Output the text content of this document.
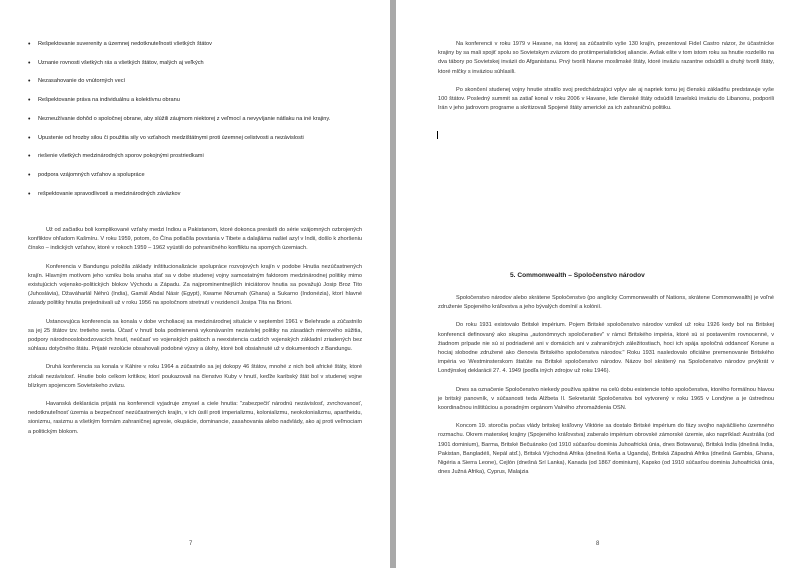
• Rešpektovanie suverenity a územnej nedotknuteľnosti všetkých štátov
• Uznanie rovnosti všetkých rás a všetkých štátov, malých aj veľkých
• Nezasahovanie do vnútorných vecí
• Rešpektovanie práva na individuálnu a kolektívnu obranu
• Nezneužívanie dohôd o spoločnej obrane, aby slúžili záujmom niektorej z veľmocí a nevyvíjanie nátlaku na iné krajiny.
• Upustenie od hrozby silou či použitia sily vo vzťahoch medzištátnymi proti územnej celistvosti a nezávislosti
• riešenie všetkých medzinárodných sporov pokojnými prostriedkami
• podpora vzájomných vzťahov a spolupráce
• rešpektovanie spravodlivosti a medzinárodných záväzkov

Už od začiatku boli komplikované vzťahy medzi Indiou a Pakistanom, ktoré dokonca prerástli do série vzájomných ozbrojených konfliktov ohľadom Kašmíru. V roku 1959, potom, čo Čína potlačila povstania v Tibete a dalajláma našiel azyl v Indii, došlo k zhoršeniu čínsko – indických vzťahov, ktoré v rokoch 1959 – 1962 vyústili do pohraničného konfliktu na spomých územiach.

Konferencia v Bandungu položila základy inštitucionalizácie spolupráce rozvojových krajín v podobe Hnutia nezúčastnených krajín. Hlavným motívom jeho vzniku bola snaha stať sa v dobe studenej vojny samostatným faktorom medzinárodnej politiky mimo existujúcich vojensko-politických blokov Východu a Západu. Za najprominentnejších iniciátorov hnutia sa považujú Josip Broz Tito (Juhoslávia), Džaváharlál Néhrú (India), Gamál Abdal Násir (Egypt), Kwame Nkrumah (Ghana) a Sukarno (Indonézia), ktorí hlavné zásady politiky hnutia prejednávali už v roku 1956 na spoločnom stretnutí v rezidencii Josipa Tita na Brioni.

Ustanovujúca konferencia sa konala v dobe vrcholiacej sa medzinárodnej situácie v septembri 1961 v Belehrade a zúčastnilo sa jej 25 štátov tzv. tretieho sveta. Účasť v hnutí bola podmienená vykonávaním nezávislej politiky na zásadách mierového súžitia, podpory národnooslobodzovacích hnutí, neúčasť vo vojenských paktoch a neexistencia cudzích vojenských základní zriadených bez súhlasu dotyčného štátu. Prijaté rezolúcie obsahovali podobné výzvy a úlohy, ktoré boli obsiahnuté už v dokumentoch z Bandungu.

Druhá konferencia sa konala v Káhire v roku 1964 a zúčastnilo sa jej dokopy 46 štátov, mnohé z nich boli africké štáty, ktoré získali nezávislosť. Hnutie bolo celkom kritikov, ktorí poukazovali na členstvo Kuby v hnutí, keďže karibský štát bol v studenej vojne blízkym spojencom Sovietskeho zväzu.

Havanská deklarácia prijatá na konferencii vyjadruje zmysel a ciele hnutia: "zabezpečiť národnú nezávislosť, zvrchovanosť, nedotknuteľnosť územia a bezpečnosť nezúčastnených krajín, v ich úsilí proti imperializmu, kolonializmu, neokolonializmu, apartheidu, sionizmu, rasizmu a všetkým formám zahraničnej agresie, okupácie, dominancie, zasahovania alebo nadvlády, ako aj proti veľmociam a politickým blokom.

7

Na konferencii v roku 1979 v Havane, na ktorej sa zúčastnilo vyše 130 krajín, prezentoval Fidel Castro názor, že účastnícke krajiny by sa mali spojiť spolu so Sovietskym zväzom do protiimperialistickej aliancie. Avšak ešte v tom istom roku sa hnutie rozdelilo na dva tábory po Sovietskej invázii do Afganistanu. Prvý tvorili hlavne moslimské štáty, ktoré inváziu razantne odsúdili a druhý tvorili štáty, ktoré mlčky s inváziou súhlasili.

Po skončení studenej vojny hnutie stratilo svoj predchádzajúci vplyv ale aj napriek tomu jej členskú základňu predstavuje vyše 100 štátov. Posledný summit sa zatiaľ konal v roku 2006 v Havane, kde členské štáty odsúdili Izraelskú inváziu do Libanonu, podporili Irán v jeho jadrovom programe a skritizovali Spojené štáty americké za ich zahraničnú politiku.

5. Commonwealth – Spoločenstvo národov

Spoločenstvo národov alebo skrátene Spoločenstvo (po anglicky Commonwealth of Nations, skrátene Commonwealth) je voľné združenie Spojeného kráľovstva a jeho bývalých domínií a kolónií.

Do roku 1931 existovalo Britské impérium. Pojem Britské spoločenstvo národov vznikol už roku 1926 kedy bol na Britskej konferencii definovaný ako skupina „autonómnych spoločenstiev" v rámci Britského impéria, ktoré sú si postavením rovnocenné, v žiadnom prípade nie sú si podriadené ani v domácich ani v zahraničných záležitostiach, hoci ich spája spoločná oddanosť Korune a hociaj slobodne združené ako členovia Britského spoločenstva národov." Roku 1931 nasledovalo oficiálne premenovanie Britského impéria vo Westminsterskom štatúte na Britské spoločenstvo národov. Názov bol skrátený na Spoločenstvo národov prvýkrát v Londýnskej deklarácii 27. 4. 1949 (podľa iných zdrojov už roku 1946).

Dnes sa označenie Spoločenstvo niekedy používa spätne na celú dobu existencie tohto spoločenstva, ktorého formálnou hlavou je britský panovník, v súčasnosti teda Alžbeta II. Sekretariát Spoločenstva bol vytvorený v roku 1965 v Londýne a je ústrednou koordinačnou inštitúciou a poradným orgánom Valného zhromaždenia OSN.

Koncom 19. storočia počas vlády britskej kráľovny Viktórie sa dostalo Britské impérium do fázy svojho najväčšieho územného rozmachu. Okrem materskej krajiny (Spojeného kráľovstva) zaberalo impérium obrovské zámorské územie, ako napríklad: Austrália (od 1901 dominium), Barma, Britské Bečuánsko (od 1910 súčasťou dominia Juhoafrická únia, dnes Botswana), Britská India (dnešná India, Pakistan, Bangladéš, Nepál atď.), Britská Východná Afrika (dnešná Keňa a Uganda), Britská Západná Afrika (dnešná Gambia, Ghana, Nigéria a Sierra Leone), Cejlón (dnešná Srí Lanka), Kanada (od 1867 dominium), Kapsko (od 1910 súčasťou dominia Juhoafrická únia, dnes Južná Afrika), Cyprus, Malajzia

8
